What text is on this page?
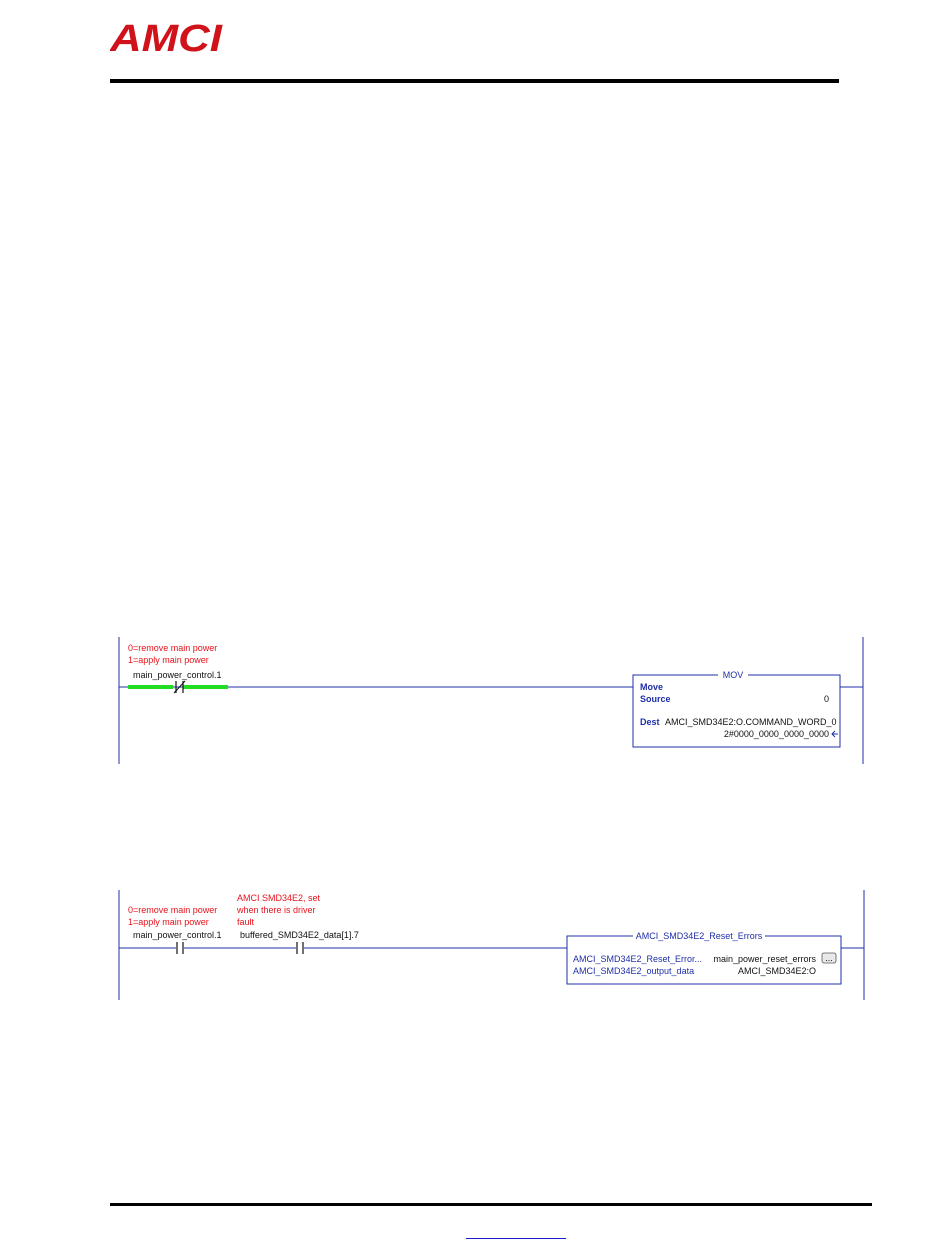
AMCI
0=remove main power
1=apply main power
main_power_control.1	MOV
Move
Source	0
Dest AMCI_SMD34E2:O.COMMAND_WORD_0
2#0000_0000_0000_0000
0=remove main power
1=apply main power
main_power_control.1
AMCI SMD34E2, set
when there is driver
fault
buffered_SMD34E2_data[1].7	AMCI_SMD34E2_Reset_Errors
AMCI_SMD34E2_Reset_Error... main_power_reset_errors ...
AMCI_SMD34E2_output_data	AMCI_SMD34E2:O
